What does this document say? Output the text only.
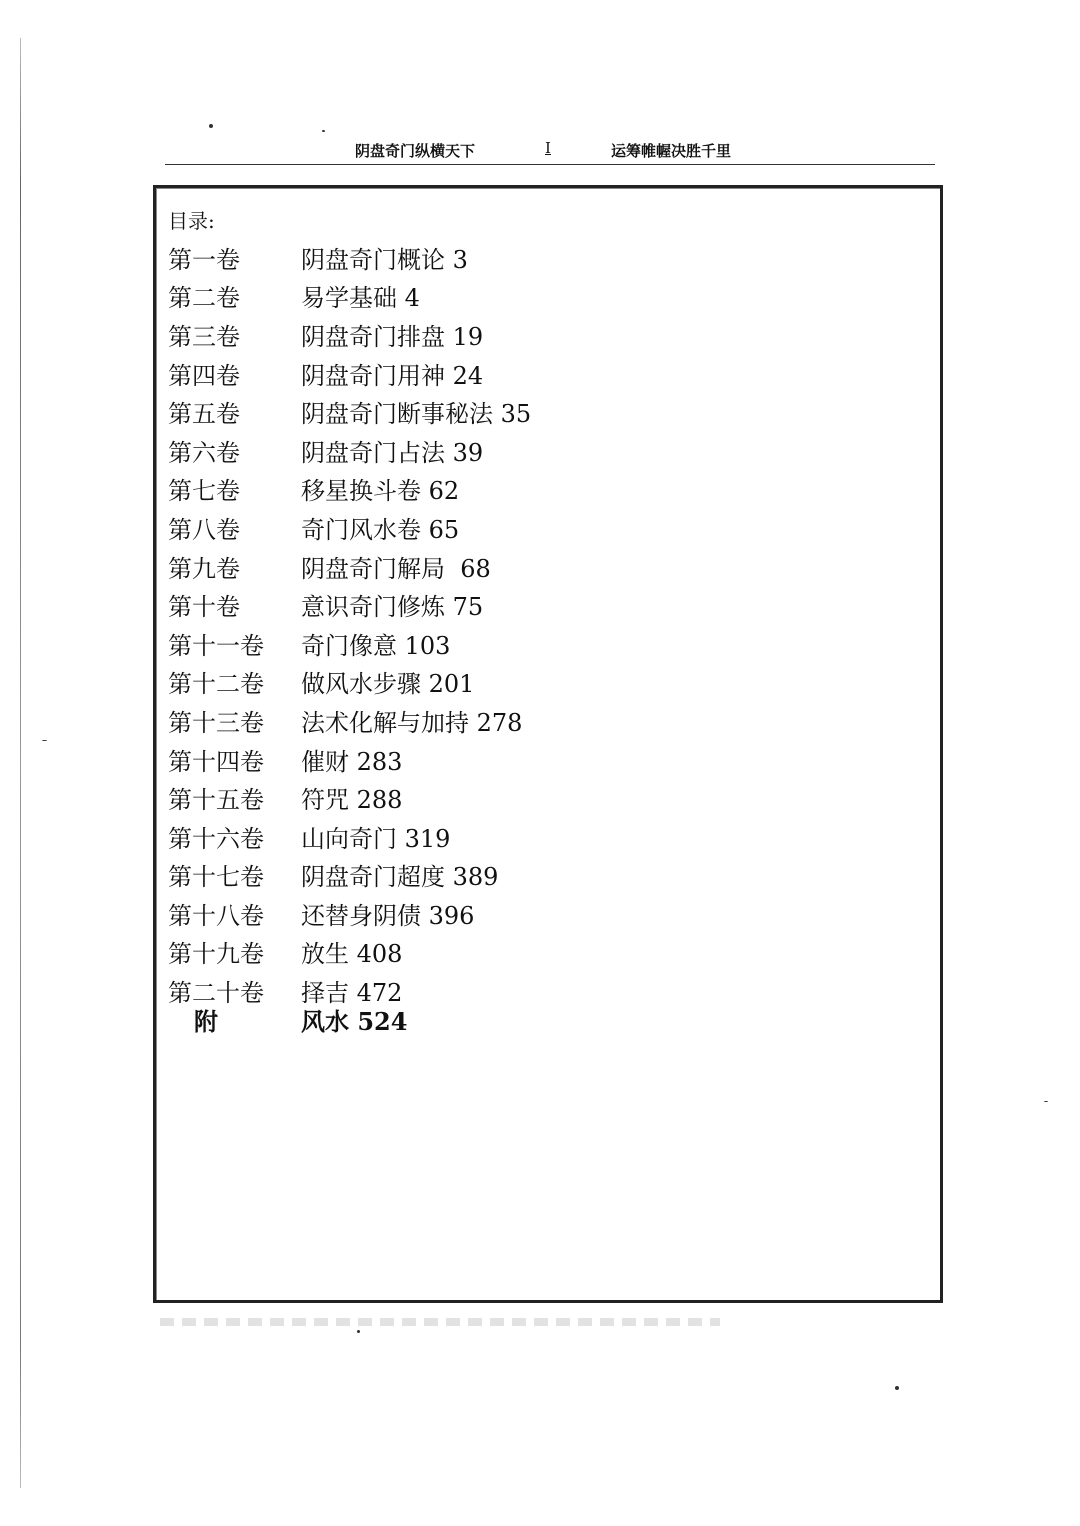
阴盘奇门纵横天下	I	运筹帷幄决胜千里
目录:
第一卷	阴盘奇门概论 3
第二卷	易学基础 4
第三卷	阴盘奇门排盘 19
第四卷	阴盘奇门用神 24
第五卷	阴盘奇门断事秘法 35
第六卷	阴盘奇门占法 39
第七卷	移星换斗卷 62
第八卷	奇门风水卷 65
第九卷	阴盘奇门解局  68
第十卷	意识奇门修炼 75
第十一卷	奇门像意 103
第十二卷	做风水步骤 201
第十三卷	法术化解与加持 278
第十四卷	催财 283
第十五卷	符咒 288
第十六卷	山向奇门 319
第十七卷	阴盘奇门超度 389
第十八卷	还替身阴债 396
第十九卷	放生 408
第二十卷	择吉 472
附	风水 524
